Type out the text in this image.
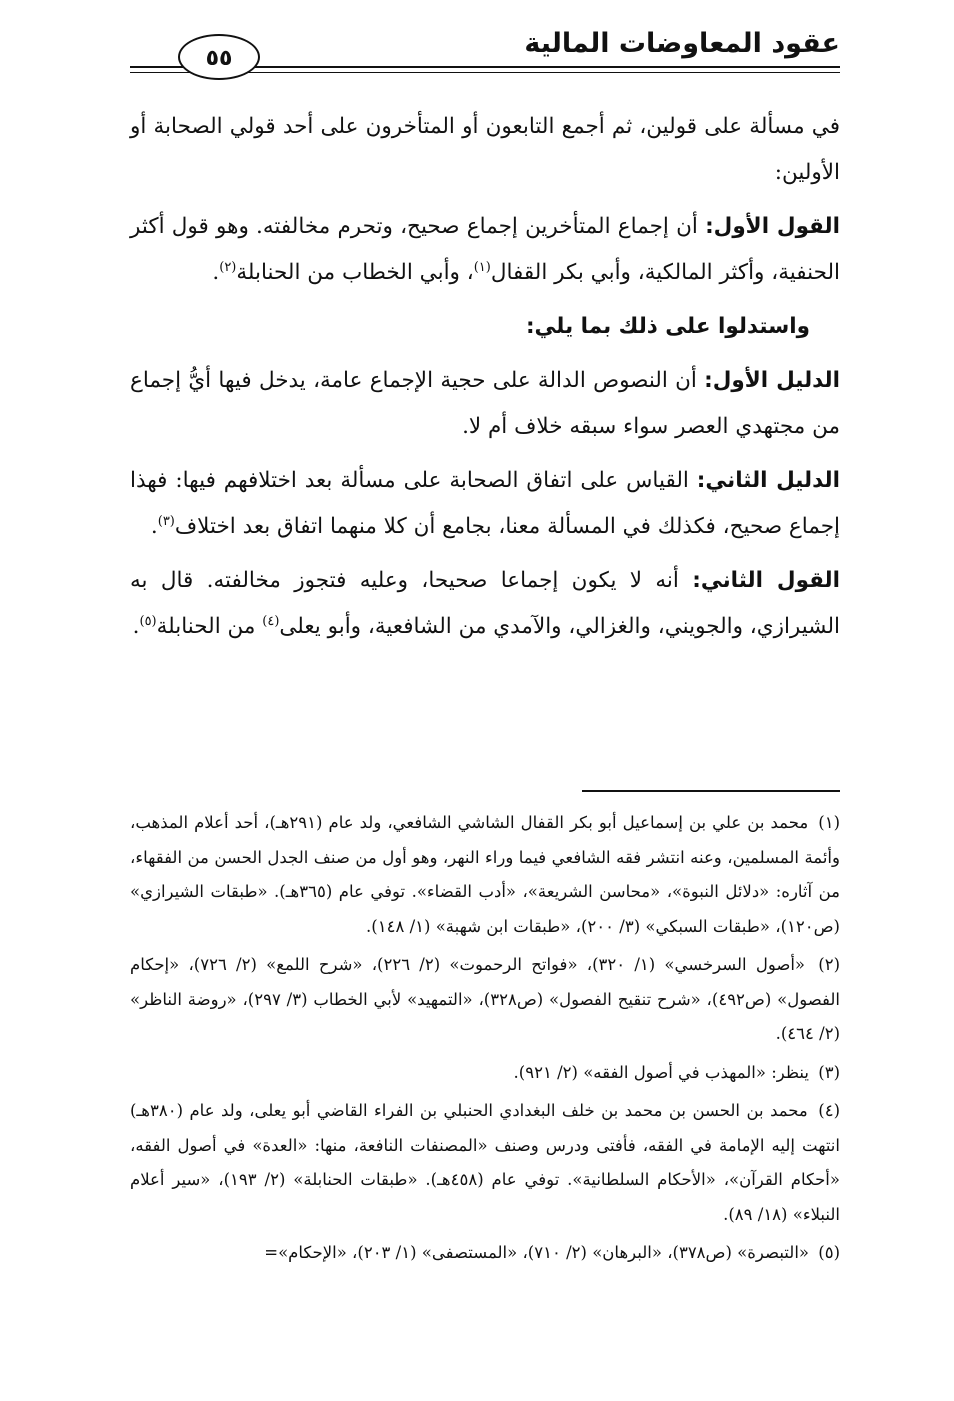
عقود المعاوضات المالية
٥٥

في مسألة على قولين، ثم أجمع التابعون أو المتأخرون على أحد قولي الصحابة أو الأولين:

القول الأول: أن إجماع المتأخرين إجماع صحيح، وتحرم مخالفته. وهو قول أكثر الحنفية، وأكثر المالكية، وأبي بكر القفال$^{(١)}$، وأبي الخطاب من الحنابلة$^{(٢)}$.

واستدلوا على ذلك بما يلي:

الدليل الأول: أن النصوص الدالة على حجية الإجماع عامة، يدخل فيها أيُّ إجماع من مجتهدي العصر سواء سبقه خلاف أم لا.

الدليل الثاني: القياس على اتفاق الصحابة على مسألة بعد اختلافهم فيها: فهذا إجماع صحيح، فكذلك في المسألة معنا، بجامع أن كلا منهما اتفاق بعد اختلاف$^{(٣)}$.

القول الثاني: أنه لا يكون إجماعا صحيحا، وعليه فتجوز مخالفته. قال به الشيرازي، والجويني، والغزالي، والآمدي من الشافعية، وأبو يعلى$^{(٤)}$ من الحنابلة$^{(٥)}$.

(١) محمد بن علي بن إسماعيل أبو بكر القفال الشاشي الشافعي، ولد عام (٢٩١هـ)، أحد أعلام المذهب، وأئمة المسلمين، وعنه انتشر فقه الشافعي فيما وراء النهر، وهو أول من صنف الجدل الحسن من الفقهاء، من آثاره: «دلائل النبوة»، «محاسن الشريعة»، «أدب القضاء». توفي عام (٣٦٥هـ). «طبقات الشيرازي» (ص١٢٠)، «طبقات السبكي» (٣/ ٢٠٠)، «طبقات ابن شهبة» (١/ ١٤٨).

(٢) «أصول السرخسي» (١/ ٣٢٠)، «فواتح الرحموت» (٢/ ٢٢٦)، «شرح اللمع» (٢/ ٧٢٦)، «إحكام الفصول» (ص٤٩٢)، «شرح تنقيح الفصول» (ص٣٢٨)، «التمهيد» لأبي الخطاب (٣/ ٢٩٧)، «روضة الناظر» (٢/ ٤٦٤).

(٣) ينظر: «المهذب في أصول الفقه» (٢/ ٩٢١).

(٤) محمد بن الحسن بن محمد بن خلف البغدادي الحنبلي بن الفراء القاضي أبو يعلى، ولد عام (٣٨٠هـ) انتهت إليه الإمامة في الفقه، فأفتى ودرس وصنف «المصنفات النافعة، منها: «العدة» في أصول الفقه، «أحكام القرآن»، «الأحكام السلطانية». توفي عام (٤٥٨هـ). «طبقات الحنابلة» (٢/ ١٩٣)، «سير أعلام النبلاء» (١٨/ ٨٩).

(٥) «التبصرة» (ص٣٧٨)، «البرهان» (٢/ ٧١٠)، «المستصفى» (١/ ٢٠٣)، «الإحكام»=
